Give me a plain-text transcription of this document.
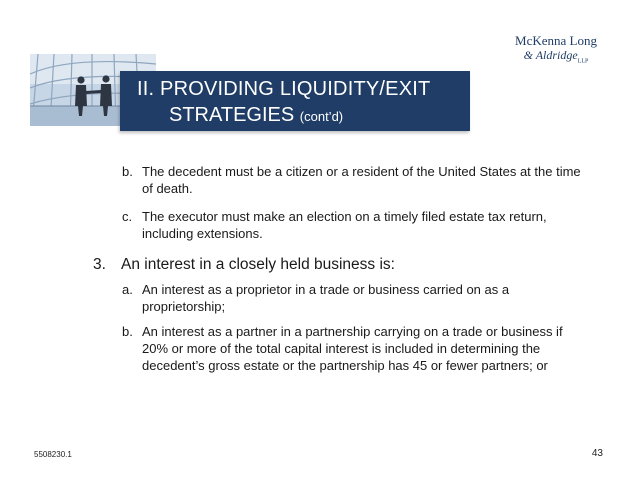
II. PROVIDING LIQUIDITY/EXIT
STRATEGIES (cont’d)
McKenna Long
& Aldridge$_{LLP}$
b. The decedent must be a citizen or a resident of the United States at the time of death.
c. The executor must make an election on a timely filed estate tax return, including extensions.
3. An interest in a closely held business is:
a. An interest as a proprietor in a trade or business carried on as a proprietorship;
b. An interest as a partner in a partnership carrying on a trade or business if 20% or more of the total capital interest is included in determining the decedent’s gross estate or the partnership has 45 or fewer partners; or
5508230.1	43
